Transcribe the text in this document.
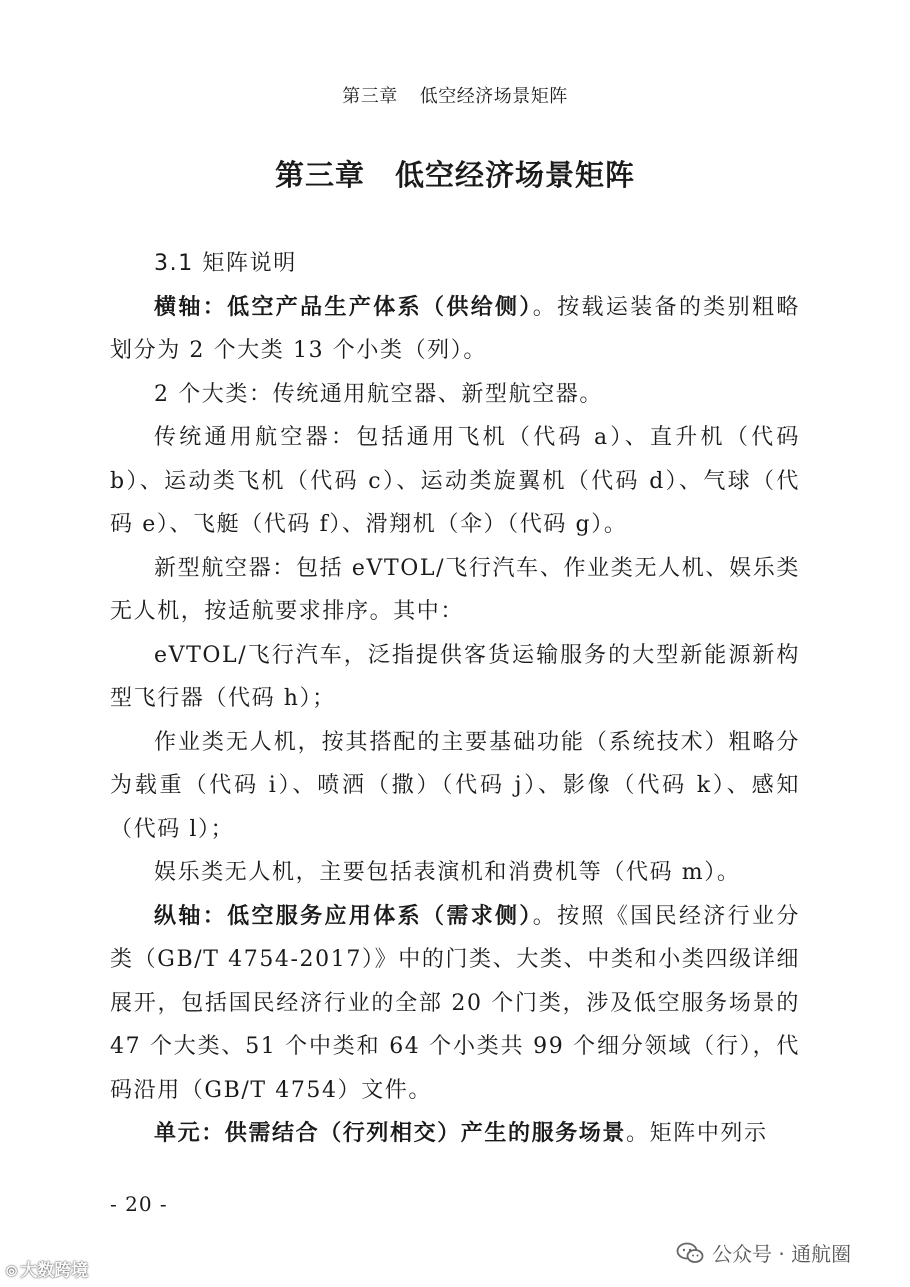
第三章 低空经济场景矩阵
第三章 低空经济场景矩阵

3.1 矩阵说明

横轴：低空产品生产体系（供给侧）。按载运装备的类别粗略划分为 2 个大类 13 个小类（列）。

2 个大类：传统通用航空器、新型航空器。

传统通用航空器：包括通用飞机（代码 a）、直升机（代码 b）、运动类飞机（代码 c）、运动类旋翼机（代码 d）、气球（代码 e）、飞艇（代码 f）、滑翔机（伞）（代码 g）。

新型航空器：包括 eVTOL/飞行汽车、作业类无人机、娱乐类无人机，按适航要求排序。其中：

eVTOL/飞行汽车，泛指提供客货运输服务的大型新能源新构型飞行器（代码 h）；

作业类无人机，按其搭配的主要基础功能（系统技术）粗略分为载重（代码 i）、喷洒（撒）（代码 j）、影像（代码 k）、感知（代码 l）；

娱乐类无人机，主要包括表演机和消费机等（代码 m）。

纵轴：低空服务应用体系（需求侧）。按照《国民经济行业分类（GB/T 4754-2017）》中的门类、大类、中类和小类四级详细展开，包括国民经济行业的全部 20 个门类，涉及低空服务场景的 47 个大类、51 个中类和 64 个小类共 99 个细分领域（行），代码沿用（GB/T 4754）文件。

单元：供需结合（行列相交）产生的服务场景。矩阵中列示

- 20 -
⦾ 大数跨境
公众号 · 通航圈
